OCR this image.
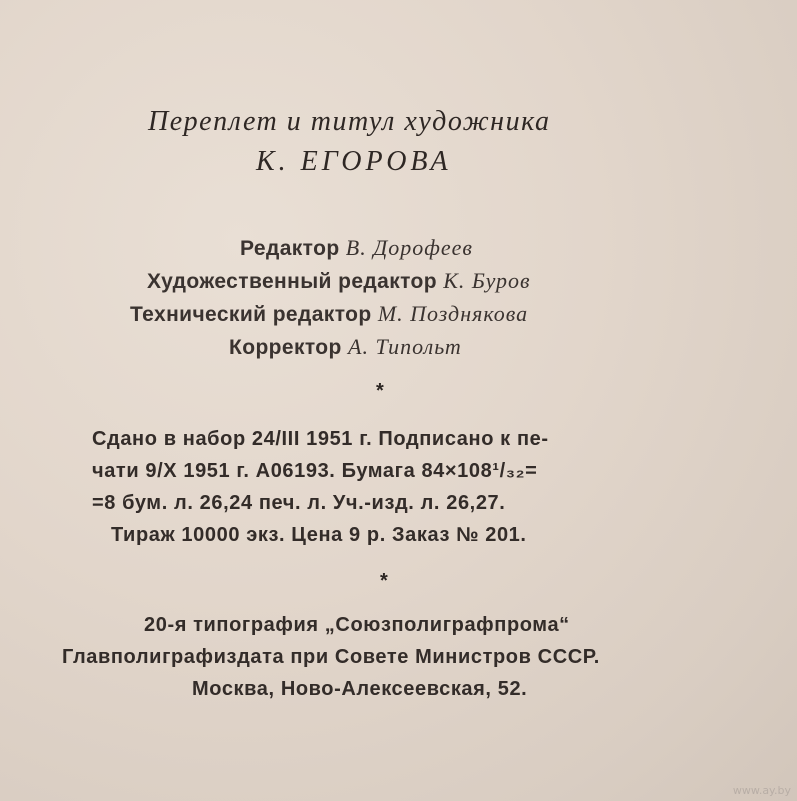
Переплет и титул художника
К. ЕГОРОВА
Редактор В. Дорофеев
Художественный редактор К. Буров
Технический редактор М. Позднякова
Корректор А. Типольт
*
Сдано в набор 24/III 1951 г. Подписано к пе-
чати 9/X 1951 г. А06193. Бумага 84×108¹/₃₂=
=8 бум. л. 26,24 печ. л. Уч.-изд. л. 26,27.
Тираж 10000 экз. Цена 9 р. Заказ № 201.
*
20-я типография „Союзполиграфпрома“
Главполиграфиздата при Совете Министров СССР.
Москва, Ново-Алексеевская, 52.
www.ay.by
